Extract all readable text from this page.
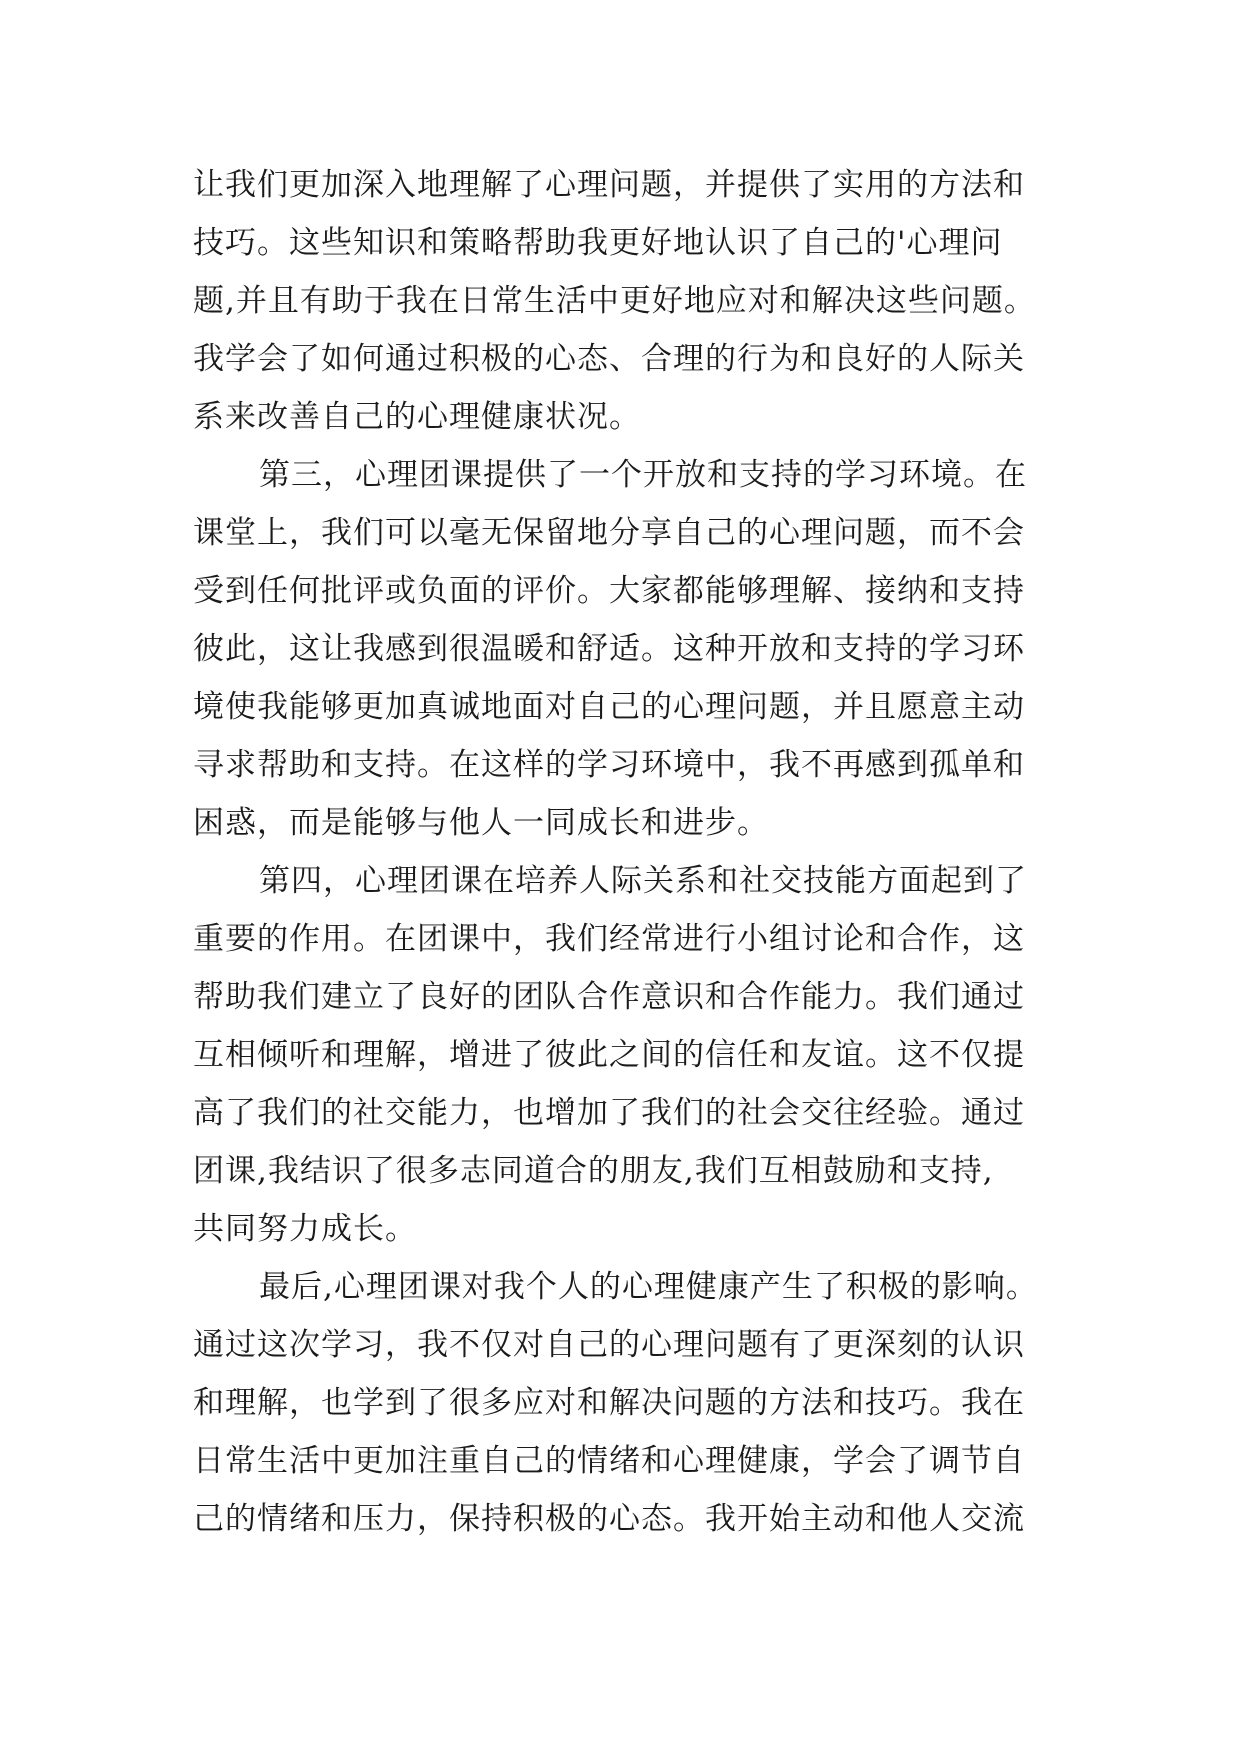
让我们更加深入地理解了心理问题，并提供了实用的方法和
技巧。这些知识和策略帮助我更好地认识了自己的'心理问
题,并且有助于我在日常生活中更好地应对和解决这些问题。
我学会了如何通过积极的心态、合理的行为和良好的人际关
系来改善自己的心理健康状况。
第三，心理团课提供了一个开放和支持的学习环境。在
课堂上，我们可以毫无保留地分享自己的心理问题，而不会
受到任何批评或负面的评价。大家都能够理解、接纳和支持
彼此，这让我感到很温暖和舒适。这种开放和支持的学习环
境使我能够更加真诚地面对自己的心理问题，并且愿意主动
寻求帮助和支持。在这样的学习环境中，我不再感到孤单和
困惑，而是能够与他人一同成长和进步。
第四，心理团课在培养人际关系和社交技能方面起到了
重要的作用。在团课中，我们经常进行小组讨论和合作，这
帮助我们建立了良好的团队合作意识和合作能力。我们通过
互相倾听和理解，增进了彼此之间的信任和友谊。这不仅提
高了我们的社交能力，也增加了我们的社会交往经验。通过
团课,我结识了很多志同道合的朋友,我们互相鼓励和支持,
共同努力成长。
最后,心理团课对我个人的心理健康产生了积极的影响。
通过这次学习，我不仅对自己的心理问题有了更深刻的认识
和理解，也学到了很多应对和解决问题的方法和技巧。我在
日常生活中更加注重自己的情绪和心理健康，学会了调节自
己的情绪和压力，保持积极的心态。我开始主动和他人交流
